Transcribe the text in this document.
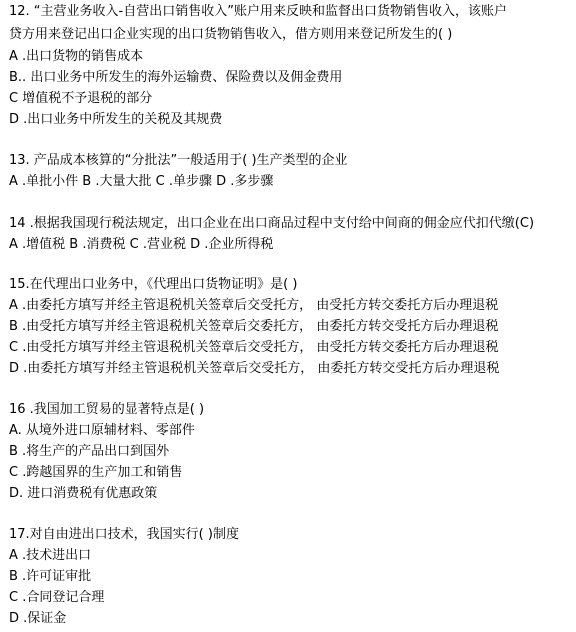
12. “主营业务收入-自营出口销售收入”账户用来反映和监督出口货物销售收入，该账户
贷方用来登记出口企业实现的出口货物销售收入，借方则用来登记所发生的( )
A .出口货物的销售成本
B.. 出口业务中所发生的海外运输费、保险费以及佣金费用
C 增值税不予退税的部分
D .出口业务中所发生的关税及其规费
13. 产品成本核算的“分批法”一般适用于( )生产类型的企业
A .单批小件 B .大量大批 C .单步骤 D .多步骤
14 .根据我国现行税法规定，出口企业在出口商品过程中支付给中间商的佣金应代扣代缴(C)
A .增值税 B .消费税 C .营业税 D .企业所得税
15.在代理出口业务中，《代理出口货物证明》是( )
A .由委托方填写并经主管退税机关签章后交受托方， 由受托方转交委托方后办理退税
B .由受托方填写并经主管退税机关签章后交委托方， 由委托方转交受托方后办理退税
C .由受托方填写并经主管退税机关签章后交受托方， 由受托方转交委托方后办理退税
D .由委托方填写并经主管退税机关签章后交受托方， 由委托方转交受托方后办理退税
16 .我国加工贸易的显著特点是( )
A. 从境外进口原辅材料、零部件
B .将生产的产品出口到国外
C .跨越国界的生产加工和销售
D. 进口消费税有优惠政策
17.对自由进出口技术，我国实行( )制度
A .技术进出口
B .许可证审批
C .合同登记合理
D .保证金
